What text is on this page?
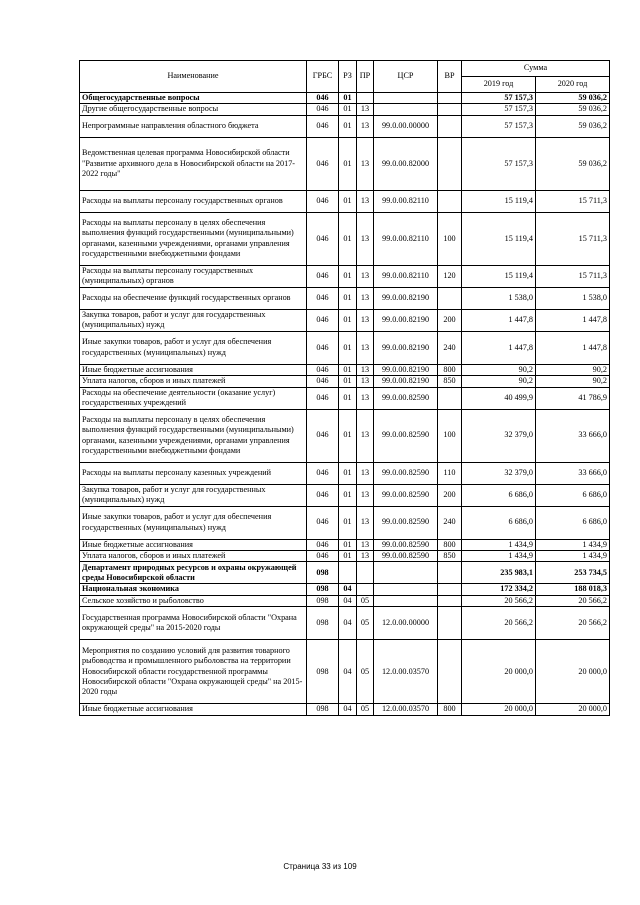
Наименование	ГРБС	РЗ	ПР	ЦСР	ВР	Сумма	
						2019 год	2020 год
Общегосударственные вопросы	046	01				57 157,3	59 036,2
Другие общегосударственные вопросы	046	01	13			57 157,3	59 036,2
Непрограммные направления областного бюджета	046	01	13	99.0.00.00000		57 157,3	59 036,2
Ведомственная целевая программа Новосибирской области "Развитие архивного дела в Новосибирской области на 2017-2022 годы"	046	01	13	99.0.00.82000		57 157,3	59 036,2
Расходы на выплаты персоналу государственных органов	046	01	13	99.0.00.82110		15 119,4	15 711,3
Расходы на выплаты персоналу в целях обеспечения выполнения функций государственными (муниципальными) органами, казенными учреждениями, органами управления государственными внебюджетными фондами	046	01	13	99.0.00.82110	100	15 119,4	15 711,3
Расходы на выплаты персоналу государственных (муниципальных) органов	046	01	13	99.0.00.82110	120	15 119,4	15 711,3
Расходы на обеспечение функций государственных органов	046	01	13	99.0.00.82190		1 538,0	1 538,0
Закупка товаров, работ и услуг для государственных (муниципальных) нужд	046	01	13	99.0.00.82190	200	1 447,8	1 447,8
Иные закупки товаров, работ и услуг для обеспечения государственных (муниципальных) нужд	046	01	13	99.0.00.82190	240	1 447,8	1 447,8
Иные бюджетные ассигнования	046	01	13	99.0.00.82190	800	90,2	90,2
Уплата налогов, сборов и иных платежей	046	01	13	99.0.00.82190	850	90,2	90,2
Расходы на обеспечение деятельности (оказание услуг) государственных учреждений	046	01	13	99.0.00.82590		40 499,9	41 786,9
Расходы на выплаты персоналу в целях обеспечения выполнения функций государственными (муниципальными) органами, казенными учреждениями, органами управления государственными внебюджетными фондами	046	01	13	99.0.00.82590	100	32 379,0	33 666,0
Расходы на выплаты персоналу казенных учреждений	046	01	13	99.0.00.82590	110	32 379,0	33 666,0
Закупка товаров, работ и услуг для государственных (муниципальных) нужд	046	01	13	99.0.00.82590	200	6 686,0	6 686,0
Иные закупки товаров, работ и услуг для обеспечения государственных (муниципальных) нужд	046	01	13	99.0.00.82590	240	6 686,0	6 686,0
Иные бюджетные ассигнования	046	01	13	99.0.00.82590	800	1 434,9	1 434,9
Уплата налогов, сборов и иных платежей	046	01	13	99.0.00.82590	850	1 434,9	1 434,9
Департамент природных ресурсов и охраны окружающей среды Новосибирской области	098					235 983,1	253 734,5
Национальная экономика	098	04				172 334,2	188 018,3
Сельское хозяйство и рыболовство	098	04	05			20 566,2	20 566,2
Государственная программа Новосибирской области "Охрана окружающей среды" на 2015-2020 годы	098	04	05	12.0.00.00000		20 566,2	20 566,2
Мероприятия по созданию условий для развития товарного рыбоводства и промышленного рыболовства на территории Новосибирской области государственной программы Новосибирской области "Охрана окружающей среды" на 2015-2020 годы	098	04	05	12.0.00.03570		20 000,0	20 000,0
Иные бюджетные ассигнования	098	04	05	12.0.00.03570	800	20 000,0	20 000,0
Страница 33 из 109
